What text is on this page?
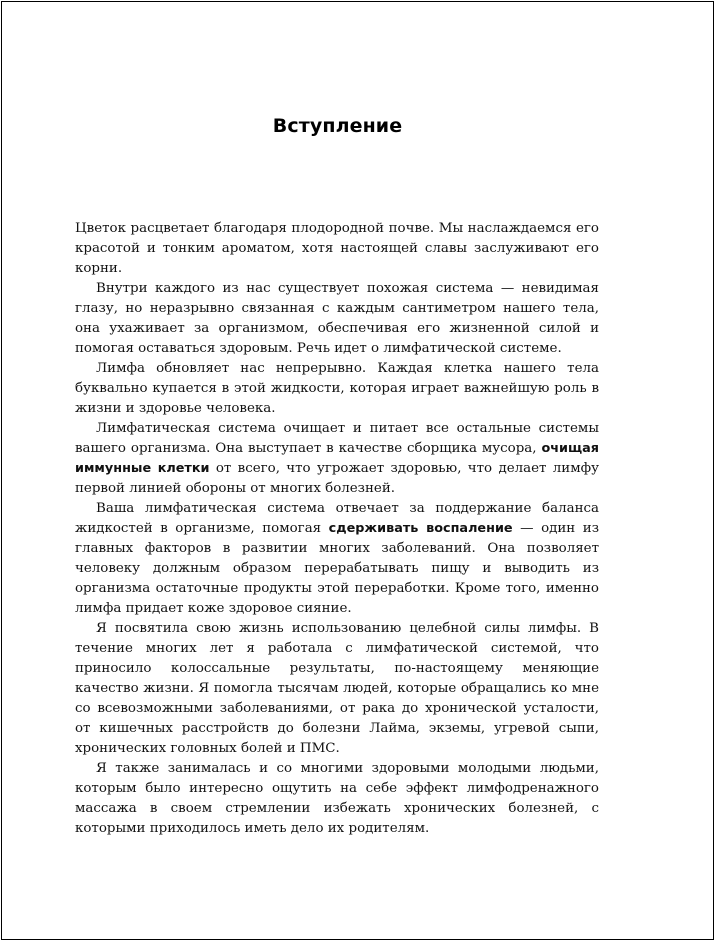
Вступление

Цветок расцветает благодаря плодородной почве. Мы наслаждаемся его красотой и тонким ароматом, хотя настоящей славы заслуживают его корни.

Внутри каждого из нас существует похожая система — невидимая глазу, но неразрывно связанная с каждым сантиметром нашего тела, она ухаживает за организмом, обеспечивая его жизненной силой и помогая оставаться здоровым. Речь идет о лимфатической системе.

Лимфа обновляет нас непрерывно. Каждая клетка нашего тела буквально купается в этой жидкости, которая играет важнейшую роль в жизни и здоровье человека.

Лимфатическая система очищает и питает все остальные системы вашего организма. Она выступает в качестве сборщика мусора, очищая иммунные клетки от всего, что угрожает здоровью, что делает лимфу первой линией обороны от многих болезней.

Ваша лимфатическая система отвечает за поддержание баланса жидкостей в организме, помогая сдерживать воспаление — один из главных факторов в развитии многих заболеваний. Она позволяет человеку должным образом перерабатывать пищу и выводить из организма остаточные продукты этой переработки. Кроме того, именно лимфа придает коже здоровое сияние.

Я посвятила свою жизнь использованию целебной силы лимфы. В течение многих лет я работала с лимфатической системой, что приносило колоссальные результаты, по-настоящему меняющие качество жизни. Я помогла тысячам людей, которые обращались ко мне со всевозможными заболеваниями, от рака до хронической усталости, от кишечных расстройств до болезни Лайма, экземы, угревой сыпи, хронических головных болей и ПМС.

Я также занималась и со многими здоровыми молодыми людьми, которым было интересно ощутить на себе эффект лимфодренажного массажа в своем стремлении избежать хронических болезней, с которыми приходилось иметь дело их родителям.
